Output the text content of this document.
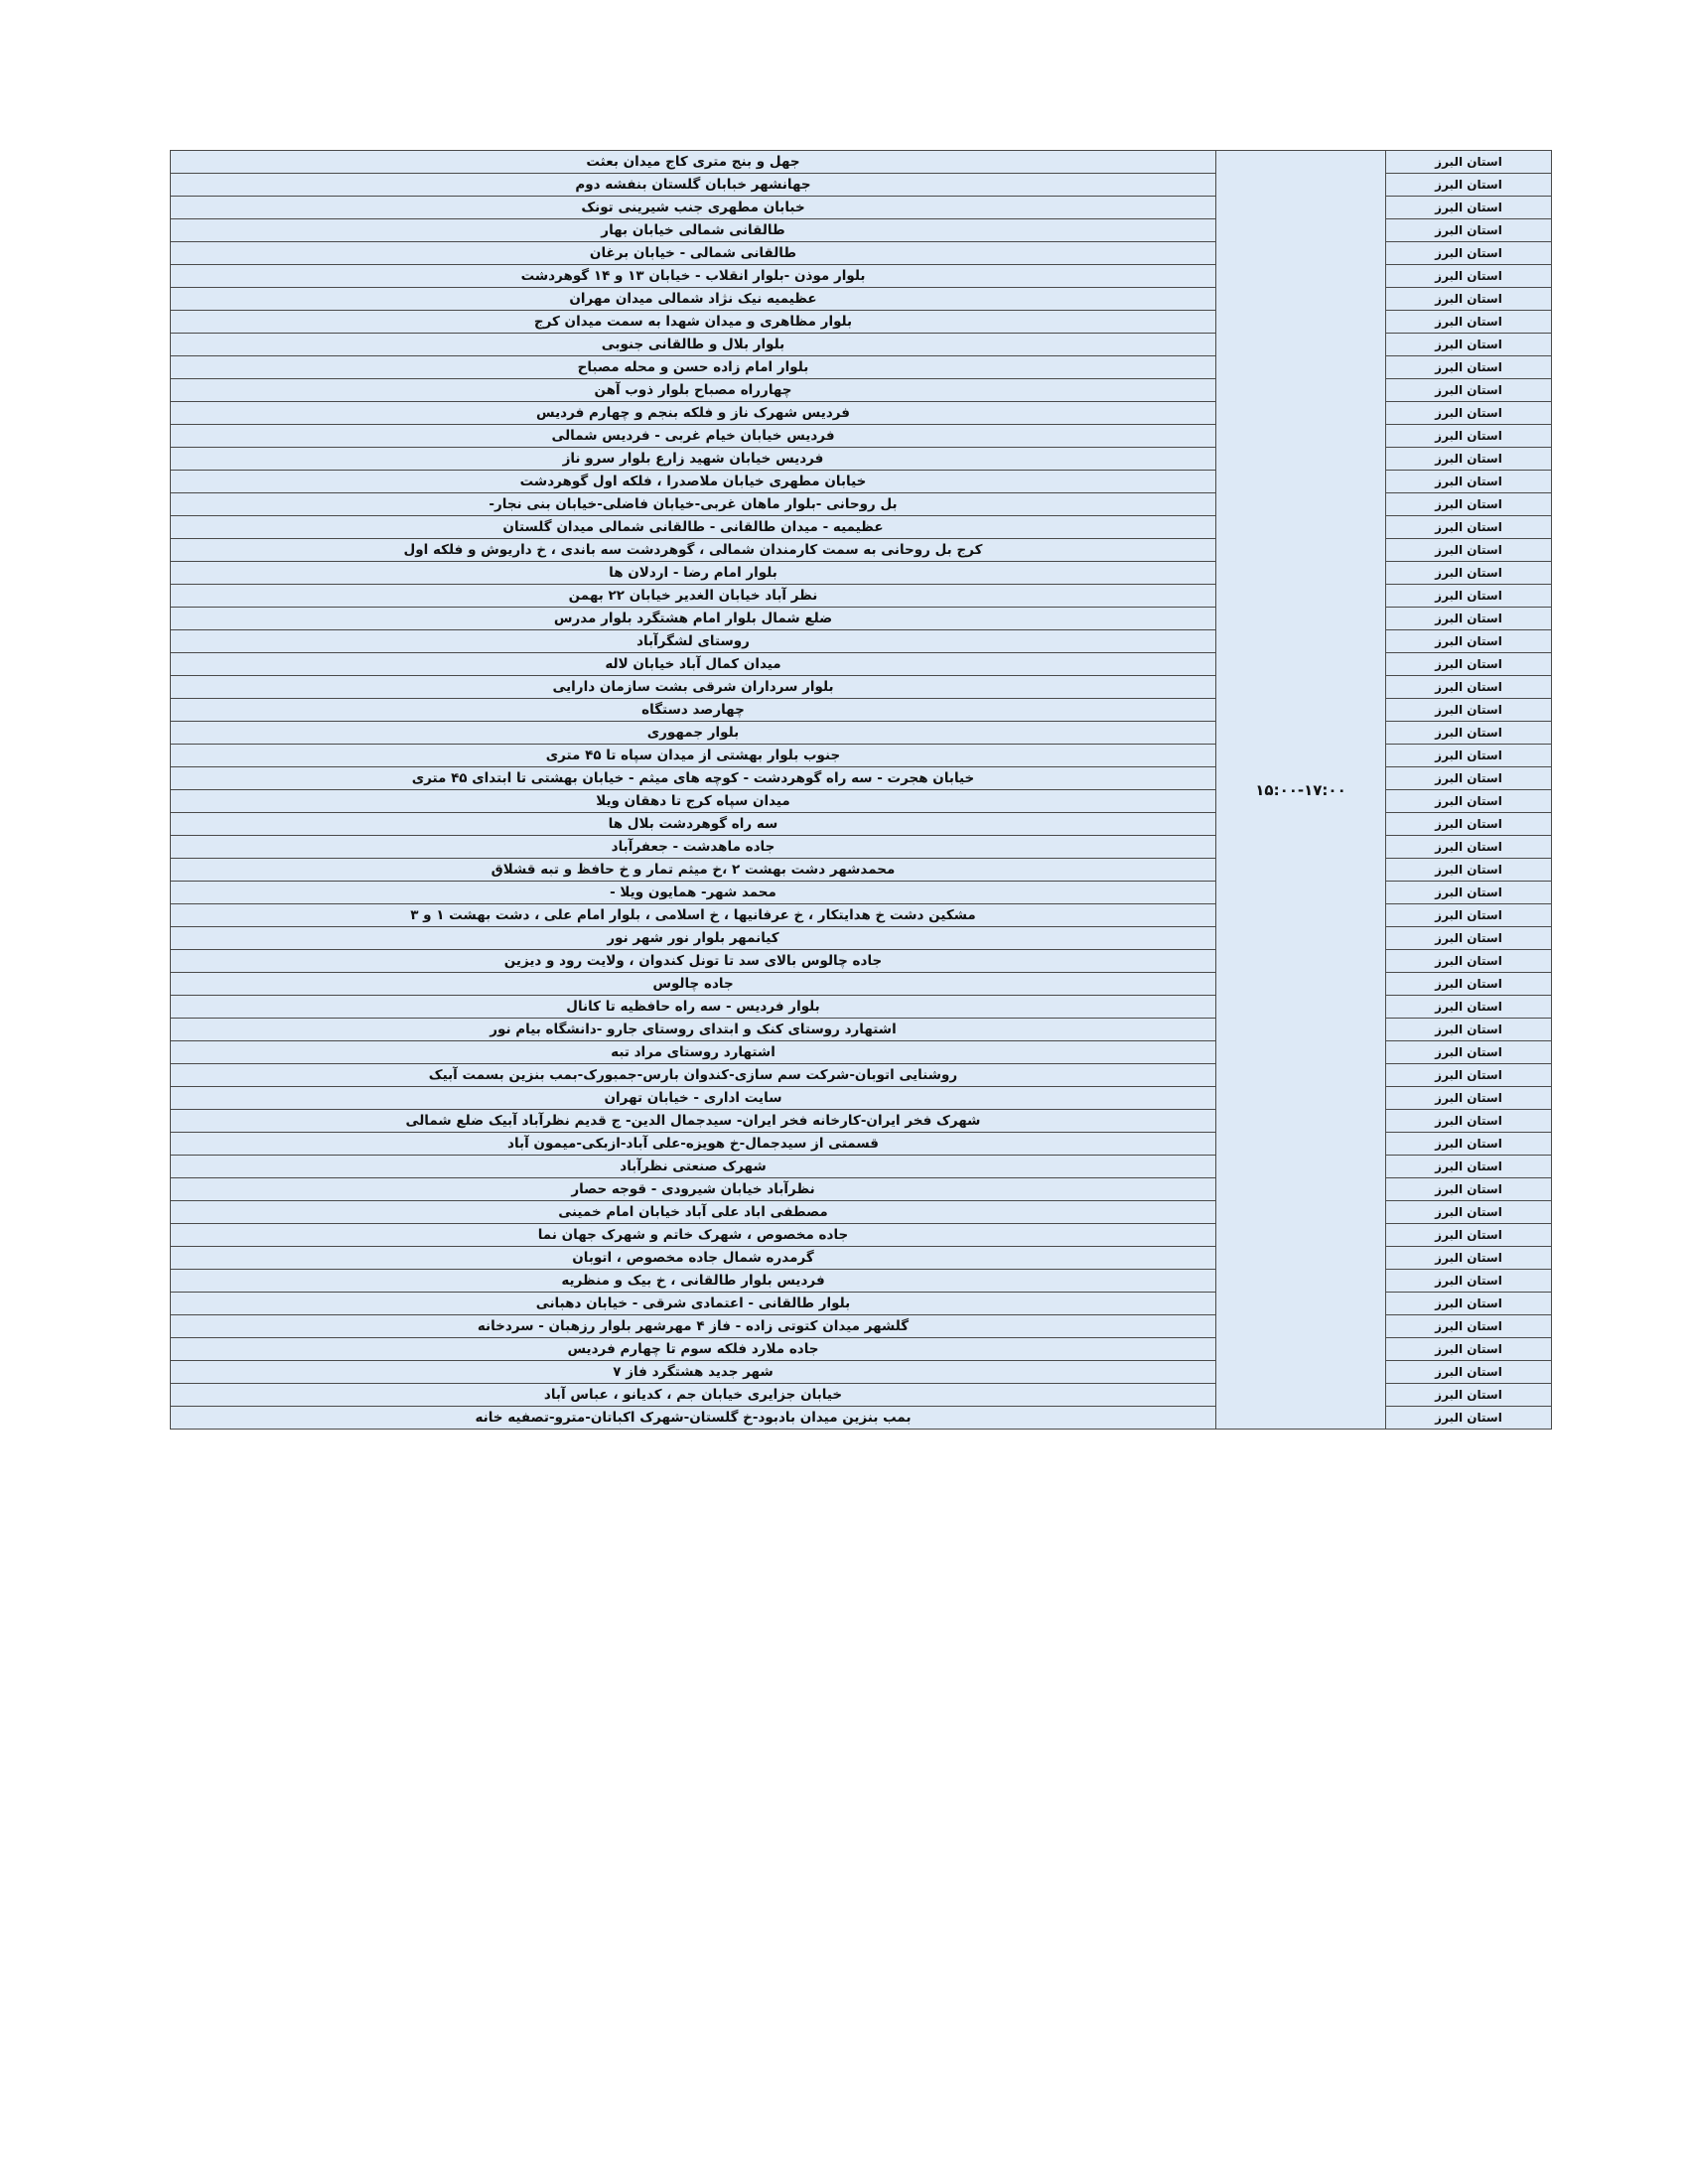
استان البرز	۱۵:۰۰-۱۷:۰۰	جهل و بنج متری کاج میدان بعثت
استان البرز		جهانشهر خبابان گلستان بنفشه دوم
استان البرز		خبابان مطهری جنب شیرینی تونک
استان البرز		طالقانی شمالی خیابان بهار
استان البرز		طالقانی شمالی - خیابان برغان
استان البرز		بلوار موذن -بلوار انقلاب - خیابان ۱۳ و ۱۴ گوهردشت
استان البرز		عظیمیه نیک نژاد شمالی میدان مهران
استان البرز		بلوار مظاهری و میدان شهدا به سمت میدان کرج
استان البرز		بلوار بلال و طالقانی جنوبی
استان البرز		بلوار امام زاده حسن و محله مصباح
استان البرز		چهارراه مصباح بلوار ذوب آهن
استان البرز		فردیس شهرک ناز و فلکه بنجم و چهارم فردیس
استان البرز		فردیس خیابان خیام غربی - فردیس شمالی
استان البرز		فردیس خیابان شهید زارع بلوار سرو ناز
استان البرز		خیابان مطهری خیابان ملاصدرا ، فلکه اول گوهردشت
استان البرز		بل روحانی -بلوار ماهان غربی-خیابان فاضلی-خیابان بنی نجار-
استان البرز		عظیمیه - میدان طالقانی - طالقانی شمالی میدان گلستان
استان البرز		کرج بل روحانی به سمت کارمندان شمالی ، گوهردشت سه باندی ، خ داریوش و فلکه اول
استان البرز		بلوار امام رضا - اردلان ها
استان البرز		نظر آباد خیابان الغدیر خیابان ۲۲ بهمن
استان البرز		ضلع شمال بلوار امام هشتگرد بلوار مدرس
استان البرز		روستای لشگرآباد
استان البرز		میدان کمال آباد خیابان لاله
استان البرز		بلوار سرداران شرقی بشت سازمان دارایی
استان البرز		چهارصد دستگاه
استان البرز		بلوار جمهوری
استان البرز		جنوب بلوار بهشتی از میدان سپاه تا ۴۵ متری
استان البرز		خیابان هجرت - سه راه گوهردشت - کوچه های میثم - خیابان بهشتی تا ابتدای ۴۵ متری
استان البرز		میدان سپاه کرج تا دهقان ویلا
استان البرز		سه راه گوهردشت بلال ها
استان البرز		جاده ماهدشت - جعفرآباد
استان البرز		محمدشهر دشت بهشت ۲ ،خ میثم تمار و خ حافظ و تبه قشلاق
استان البرز		محمد شهر- همایون ویلا -
استان البرز		مشکین دشت خ هدایتکار ، خ عرفانیها ، خ اسلامی ، بلوار امام علی ، دشت بهشت ۱ و ۳
استان البرز		کیانمهر بلوار نور شهر نور
استان البرز		جاده چالوس بالای سد تا تونل کندوان ، ولایت رود و دیزین
استان البرز		جاده چالوس
استان البرز		بلوار فردیس - سه راه حافظیه تا کانال
استان البرز		اشتهارد روستای کنک و ابتدای روستای جارو -دانشگاه بیام نور
استان البرز		اشتهارد روستای مراد تبه
استان البرز		روشنایی اتوبان-شرکت سم سازی-کندوان بارس-جمبورک-بمب بنزین بسمت آبیک
استان البرز		سایت اداری - خیابان تهران
استان البرز		شهرک فخر ایران-کارخانه فخر ایران- سیدجمال الدین- ج قدیم نظرآباد آبیک ضلع شمالی
استان البرز		قسمتی از سیدجمال-خ هویزه-علی آباد-ازبکی-میمون آباد
استان البرز		شهرک صنعتی نظرآباد
استان البرز		نظرآباد خیابان شیرودی - قوجه حصار
استان البرز		مصطفی اباد علی آباد خیابان امام خمینی
استان البرز		جاده مخصوص ، شهرک خاتم و شهرک جهان نما
استان البرز		گرمدره شمال جاده مخصوص ، اتوبان
استان البرز		فردیس بلوار طالقانی ، خ بیک و منظریه
استان البرز		بلوار طالقانی - اعتمادی شرقی - خیابان دهبانی
استان البرز		گلشهر میدان کتوتی زاده - فاز ۴ مهرشهر بلوار رزهبان - سردخانه
استان البرز		جاده ملارد فلکه سوم تا چهارم فردیس
استان البرز		شهر جدید هشتگرد فاز ۷
استان البرز		خیابان جزایری خیابان جم ، کدیانو ، عباس آباد
استان البرز		بمب بنزین میدان بادبود-خ گلستان-شهرک اکباتان-مترو-تصفیه خانه
